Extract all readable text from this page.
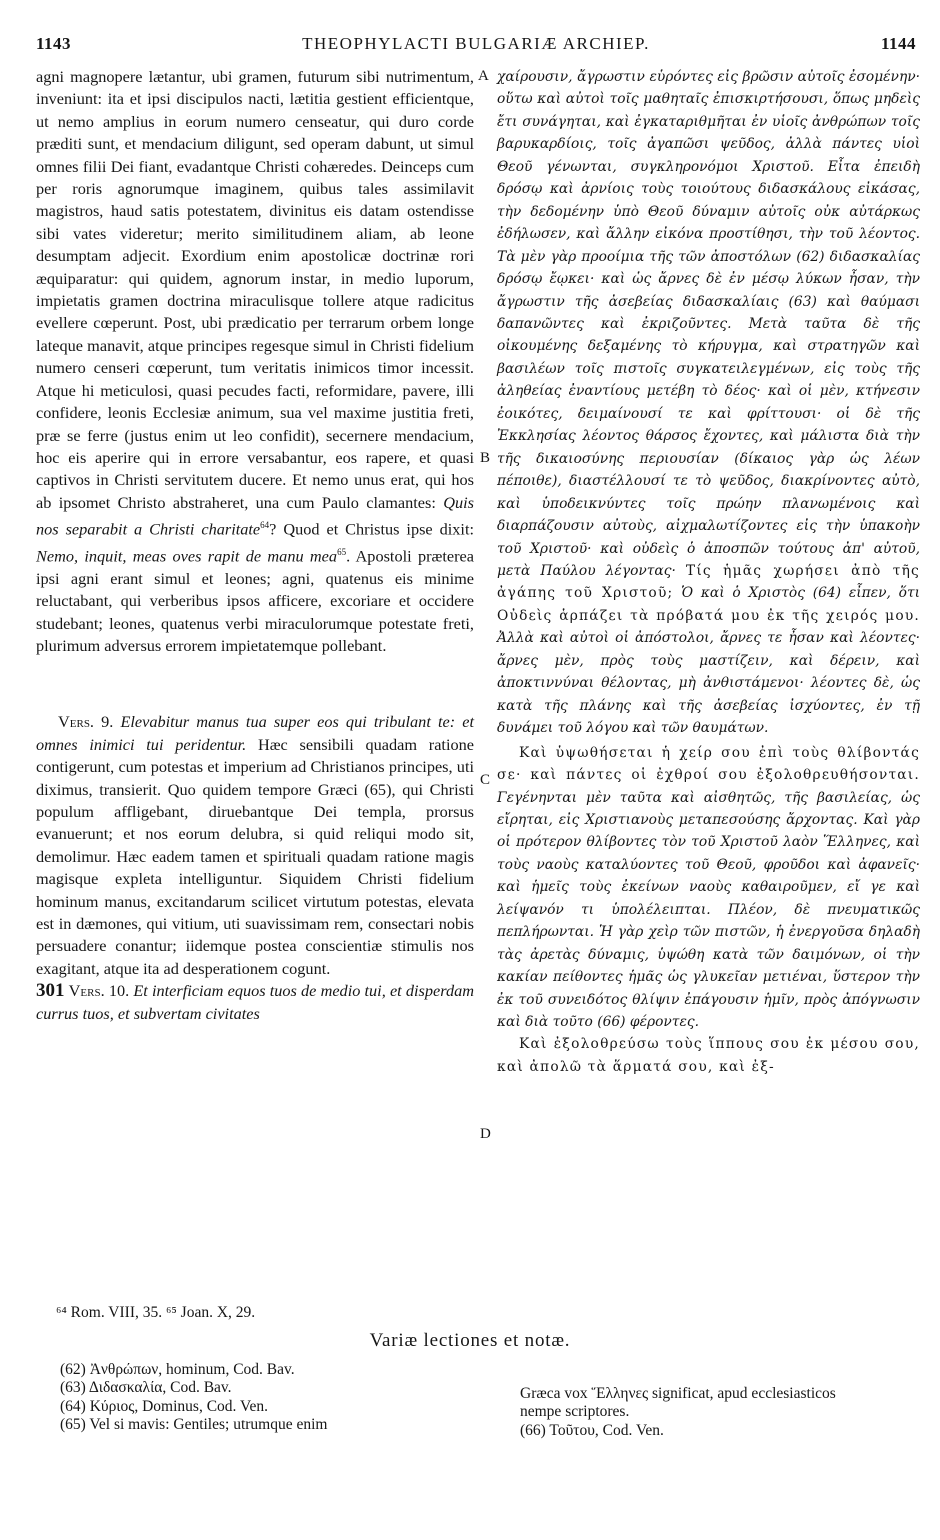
1143	THEOPHYLACTI BULGARIÆ ARCHIEP.	1144
A
B
C
D

agni magnopere lætantur, ubi gramen, futurum sibi nutrimentum, inveniunt: ita et ipsi discipulos nacti, lætitia gestient efficientque, ut nemo amplius in eorum numero censeatur, qui duro corde præditi sunt, et mendacium diligunt, sed operam dabunt, ut simul omnes filii Dei fiant, evadantque Christi cohæredes. Deinceps cum per roris agnorumque imaginem, quibus tales assimilavit magistros, haud satis potestatem, divinitus eis datam ostendisse sibi vates videretur; merito similitudinem aliam, ab leone desumptam adjecit. Exordium enim apostolicæ doctrinæ rori æquiparatur: qui quidem, agnorum instar, in medio luporum, impietatis gramen doctrina miraculisque tollere atque radicitus evellere cœperunt. Post, ubi prædicatio per terrarum orbem longe lateque manavit, atque principes regesque simul in Christi fidelium numero censeri cœperunt, tum veritatis inimicos timor incessit. Atque hi meticulosi, quasi pecudes facti, reformidare, pavere, illi confidere, leonis Ecclesiæ animum, sua vel maxime justitia freti, præ se ferre (justus enim ut leo confidit), secernere mendacium, hoc eis aperire qui in errore versabantur, eos rapere, et quasi captivos in Christi servitutem ducere. Et nemo unus erat, qui hos ab ipsomet Christo abstraheret, una cum Paulo clamantes: Quis nos separabit a Christi charitate$^{64}$? Quod et Christus ipse dixit: Nemo, inquit, meas oves rapit de manu mea$^{65}$. Apostoli præterea ipsi agni erant simul et leones; agni, quatenus eis minime reluctabant, qui verberibus ipsos afficere, excoriare et occidere studebant; leones, quatenus verbi miraculorumque potestate freti, plurimum adversus errorem impietatemque pollebant.

Vers. 9. Elevabitur manus tua super eos qui tribulant te: et omnes inimici tui peridentur. Hæc sensibili quadam ratione contigerunt, cum potestas et imperium ad Christianos principes, uti diximus, transierit. Quo quidem tempore Græci (65), qui Christi populum affligebant, diruebantque Dei templa, prorsus evanuerunt; et nos eorum delubra, si quid reliqui modo sit, demolimur. Hæc eadem tamen et spirituali quadam ratione magis magisque expleta intelliguntur. Siquidem Christi fidelium hominum manus, excitandarum scilicet virtutum potestas, elevata est in dæmones, qui vitium, uti suavissimam rem, consectari nobis persuadere conantur; iidemque postea conscientiæ stimulis nos exagitant, atque ita ad desperationem cogunt.

301 Vers. 10. Et interficiam equos tuos de medio tui, et disperdam currus tuos, et subvertam civitates

χαίρουσιν, ἄγρωστιν εὑρόντες εἰς βρῶσιν αὐτοῖς ἐσομένην· οὕτω καὶ αὐτοὶ τοῖς μαθηταῖς ἐπισκιρτήσουσι, ὅπως μηδεὶς ἔτι συνάγηται, καὶ ἐγκαταριθμῆται ἐν υἱοῖς ἀνθρώπων τοῖς βαρυκαρδίοις, τοῖς ἀγαπῶσι ψεῦδος, ἀλλὰ πάντες υἱοὶ Θεοῦ γένωνται, συγκληρονόμοι Χριστοῦ. Εἶτα ἐπειδὴ δρόσῳ καὶ ἀρνίοις τοὺς τοιούτους διδασκάλους εἰκάσας, τὴν δεδομένην ὑπὸ Θεοῦ δύναμιν αὐτοῖς οὐκ αὐτάρκως ἐδήλωσεν, καὶ ἄλλην εἰκόνα προστίθησι, τὴν τοῦ λέοντος. Τὰ μὲν γὰρ προοίμια τῆς τῶν ἀποστόλων (62) διδασκαλίας δρόσῳ ἔῳκει· καὶ ὡς ἄρνες δὲ ἐν μέσῳ λύκων ἦσαν, τὴν ἄγρωστιν τῆς ἀσεβείας διδασκαλίαις (63) καὶ θαύμασι δαπανῶντες καὶ ἐκριζοῦντες. Μετὰ ταῦτα δὲ τῆς οἰκουμένης δεξαμένης τὸ κήρυγμα, καὶ στρατηγῶν καὶ βασιλέων τοῖς πιστοῖς συγκατειλεγμένων, εἰς τοὺς τῆς ἀληθείας ἐναντίους μετέβη τὸ δέος· καὶ οἱ μὲν, κτήνεσιν ἐοικότες, δειμαίνουσί τε καὶ φρίττουσι· οἱ δὲ τῆς Ἐκκλησίας λέοντος θάρσος ἔχοντες, καὶ μάλιστα διὰ τὴν τῆς δικαιοσύνης περιουσίαν (δίκαιος γὰρ ὡς λέων πέποιθε), διαστέλλουσί τε τὸ ψεῦδος, διακρίνοντες αὐτὸ, καὶ ὑποδεικνύντες τοῖς πρώην πλανωμένοις καὶ διαρπάζουσιν αὐτοὺς, αἰχμαλωτίζοντες εἰς τὴν ὑπακοὴν τοῦ Χριστοῦ· καὶ οὐδεὶς ὁ ἀποσπῶν τούτους ἀπ' αὐτοῦ, μετὰ Παύλου λέγοντας· Τίς ἡμᾶς χωρήσει ἀπὸ τῆς ἀγάπης τοῦ Χριστοῦ; Ὁ καὶ ὁ Χριστὸς (64) εἶπεν, ὅτι Οὐδεὶς ἁρπάζει τὰ πρόβατά μου ἐκ τῆς χειρός μου. Ἀλλὰ καὶ αὐτοὶ οἱ ἀπόστολοι, ἄρνες τε ἦσαν καὶ λέοντες· ἄρνες μὲν, πρὸς τοὺς μαστίζειν, καὶ δέρειν, καὶ ἀποκτιννύναι θέλοντας, μὴ ἀνθιστάμενοι· λέοντες δὲ, ὡς κατὰ τῆς πλάνης καὶ τῆς ἀσεβείας ἰσχύοντες, ἐν τῇ δυνάμει τοῦ λόγου καὶ τῶν θαυμάτων.

Καὶ ὑψωθήσεται ἡ χείρ σου ἐπὶ τοὺς θλίβοντάς σε· καὶ πάντες οἱ ἐχθροί σου ἐξολοθρευθήσονται. Γεγένηνται μὲν ταῦτα καὶ αἰσθητῶς, τῆς βασιλείας, ὡς εἴρηται, εἰς Χριστιανοὺς μεταπεσούσης ἄρχοντας. Καὶ γὰρ οἱ πρότερον θλίβοντες τὸν τοῦ Χριστοῦ λαὸν Ἕλληνες, καὶ τοὺς ναοὺς καταλύοντες τοῦ Θεοῦ, φροῦδοι καὶ ἀφανεῖς· καὶ ἡμεῖς τοὺς ἐκείνων ναοὺς καθαιροῦμεν, εἴ γε καὶ λείψανόν τι ὑπολέλειπται. Πλέον, δὲ πνευματικῶς πεπλήρωνται. Ἡ γὰρ χεὶρ τῶν πιστῶν, ἡ ἐνεργοῦσα δηλαδὴ τὰς ἀρετὰς δύναμις, ὑψώθη κατὰ τῶν δαιμόνων, οἱ τὴν κακίαν πείθοντες ἡμᾶς ὡς γλυκεῖαν μετιέναι, ὕστερον τὴν ἐκ τοῦ συνειδότος θλίψιν ἐπάγουσιν ἡμῖν, πρὸς ἀπόγνωσιν καὶ διὰ τοῦτο (66) φέροντες.

Καὶ ἐξολοθρεύσω τοὺς ἵππους σου ἐκ μέσου σου, καὶ ἀπολῶ τὰ ἅρματά σου, καὶ ἐξ-

⁶⁴ Rom. VIII, 35. ⁶⁵ Joan. X, 29.
Variæ lectiones et notæ.
(62) Ἀνθρώπων, hominum, Cod. Bav.
(63) Διδασκαλία, Cod. Bav.
(64) Κύριος, Dominus, Cod. Ven.
(65) Vel si mavis: Gentiles; utrumque enim
Græca vox Ἕλληνες significat, apud ecclesiasticos
nempe scriptores.
(66) Τοῦτου, Cod. Ven.
